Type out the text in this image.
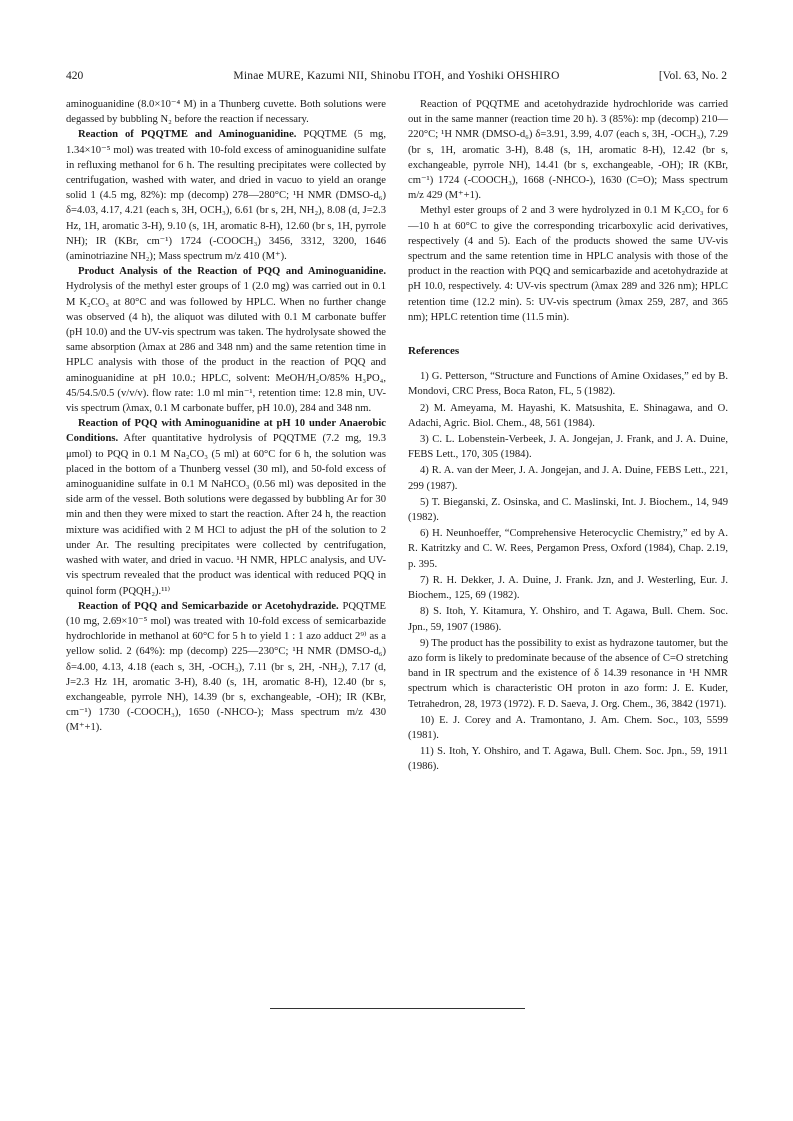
420	Minae MURE, Kazumi NII, Shinobu ITOH, and Yoshiki OHSHIRO	[Vol. 63, No. 2

aminoguanidine (8.0×10⁻⁴ M) in a Thunberg cuvette. Both solutions were degassed by bubbling N₂ before the reaction if necessary.

Reaction of PQQTME and Aminoguanidine. PQQTME (5 mg, 1.34×10⁻⁵ mol) was treated with 10-fold excess of aminoguanidine sulfate in refluxing methanol for 6 h. The resulting precipitates were collected by centrifugation, washed with water, and dried in vacuo to yield an orange solid 1 (4.5 mg, 82%): mp (decomp) 278—280°C; ¹H NMR (DMSO-d₆) δ=4.03, 4.17, 4.21 (each s, 3H, OCH₃), 6.61 (br s, 2H, NH₂), 8.08 (d, J=2.3 Hz, 1H, aromatic 3-H), 9.10 (s, 1H, aromatic 8-H), 12.60 (br s, 1H, pyrrole NH); IR (KBr, cm⁻¹) 1724 (-COOCH₃) 3456, 3312, 3200, 1646 (aminotriazine NH₂); Mass spectrum m/z 410 (M⁺).

Product Analysis of the Reaction of PQQ and Aminoguanidine. Hydrolysis of the methyl ester groups of 1 (2.0 mg) was carried out in 0.1 M K₂CO₃ at 80°C and was followed by HPLC. When no further change was observed (4 h), the aliquot was diluted with 0.1 M carbonate buffer (pH 10.0) and the UV-vis spectrum was taken. The hydrolysate showed the same absorption (λmax at 286 and 348 nm) and the same retention time in HPLC analysis with those of the product in the reaction of PQQ and aminoguanidine at pH 10.0.; HPLC, solvent: MeOH/H₂O/85% H₃PO₄, 45/54.5/0.5 (v/v/v). flow rate: 1.0 ml min⁻¹, retention time: 12.8 min, UV-vis spectrum (λmax, 0.1 M carbonate buffer, pH 10.0), 284 and 348 nm.

Reaction of PQQ with Aminoguanidine at pH 10 under Anaerobic Conditions. After quantitative hydrolysis of PQQTME (7.2 mg, 19.3 μmol) to PQQ in 0.1 M Na₂CO₃ (5 ml) at 60°C for 6 h, the solution was placed in the bottom of a Thunberg vessel (30 ml), and 50-fold excess of aminoguanidine sulfate in 0.1 M NaHCO₃ (0.56 ml) was deposited in the side arm of the vessel. Both solutions were degassed by bubbling Ar for 30 min and then they were mixed to start the reaction. After 24 h, the reaction mixture was acidified with 2 M HCl to adjust the pH of the solution to 2 under Ar. The resulting precipitates were collected by centrifugation, washed with water, and dried in vacuo. ¹H NMR, HPLC analysis, and UV-vis spectrum revealed that the product was identical with reduced PQQ in quinol form (PQQH₂).¹¹⁾

Reaction of PQQ and Semicarbazide or Acetohydrazide. PQQTME (10 mg, 2.69×10⁻⁵ mol) was treated with 10-fold excess of semicarbazide hydrochloride in methanol at 60°C for 5 h to yield 1 : 1 azo adduct 2⁹⁾ as a yellow solid. 2 (64%): mp (decomp) 225—230°C; ¹H NMR (DMSO-d₆) δ=4.00, 4.13, 4.18 (each s, 3H, -OCH₃), 7.11 (br s, 2H, -NH₂), 7.17 (d, J=2.3 Hz 1H, aromatic 3-H), 8.40 (s, 1H, aromatic 8-H), 12.40 (br s, exchangeable, pyrrole NH), 14.39 (br s, exchangeable, -OH); IR (KBr, cm⁻¹) 1730 (-COOCH₃), 1650 (-NHCO-); Mass spectrum m/z 430 (M⁺+1).

Reaction of PQQTME and acetohydrazide hydrochloride was carried out in the same manner (reaction time 20 h). 3 (85%): mp (decomp) 210—220°C; ¹H NMR (DMSO-d₆) δ=3.91, 3.99, 4.07 (each s, 3H, -OCH₃), 7.29 (br s, 1H, aromatic 3-H), 8.48 (s, 1H, aromatic 8-H), 12.42 (br s, exchangeable, pyrrole NH), 14.41 (br s, exchangeable, -OH); IR (KBr, cm⁻¹) 1724 (-COOCH₃), 1668 (-NHCO-), 1630 (C=O); Mass spectrum m/z 429 (M⁺+1).

Methyl ester groups of 2 and 3 were hydrolyzed in 0.1 M K₂CO₃ for 6—10 h at 60°C to give the corresponding tricarboxylic acid derivatives, respectively (4 and 5). Each of the products showed the same UV-vis spectrum and the same retention time in HPLC analysis with those of the product in the reaction with PQQ and semicarbazide and acetohydrazide at pH 10.0, respectively. 4: UV-vis spectrum (λmax 289 and 326 nm); HPLC retention time (12.2 min). 5: UV-vis spectrum (λmax 259, 287, and 365 nm); HPLC retention time (11.5 min).

References
1) G. Petterson, “Structure and Functions of Amine Oxidases,” ed by B. Mondovi, CRC Press, Boca Raton, FL, 5 (1982).
2) M. Ameyama, M. Hayashi, K. Matsushita, E. Shinagawa, and O. Adachi, Agric. Biol. Chem., 48, 561 (1984).
3) C. L. Lobenstein-Verbeek, J. A. Jongejan, J. Frank, and J. A. Duine, FEBS Lett., 170, 305 (1984).
4) R. A. van der Meer, J. A. Jongejan, and J. A. Duine, FEBS Lett., 221, 299 (1987).
5) T. Bieganski, Z. Osinska, and C. Maslinski, Int. J. Biochem., 14, 949 (1982).
6) H. Neunhoeffer, “Comprehensive Heterocyclic Chemistry,” ed by A. R. Katritzky and C. W. Rees, Pergamon Press, Oxford (1984), Chap. 2.19, p. 395.
7) R. H. Dekker, J. A. Duine, J. Frank. Jzn, and J. Westerling, Eur. J. Biochem., 125, 69 (1982).
8) S. Itoh, Y. Kitamura, Y. Ohshiro, and T. Agawa, Bull. Chem. Soc. Jpn., 59, 1907 (1986).
9) The product has the possibility to exist as hydrazone tautomer, but the azo form is likely to predominate because of the absence of C=O stretching band in IR spectrum and the existence of δ 14.39 resonance in ¹H NMR spectrum which is characteristic OH proton in azo form: J. E. Kuder, Tetrahedron, 28, 1973 (1972). F. D. Saeva, J. Org. Chem., 36, 3842 (1971).
10) E. J. Corey and A. Tramontano, J. Am. Chem. Soc., 103, 5599 (1981).
11) S. Itoh, Y. Ohshiro, and T. Agawa, Bull. Chem. Soc. Jpn., 59, 1911 (1986).
